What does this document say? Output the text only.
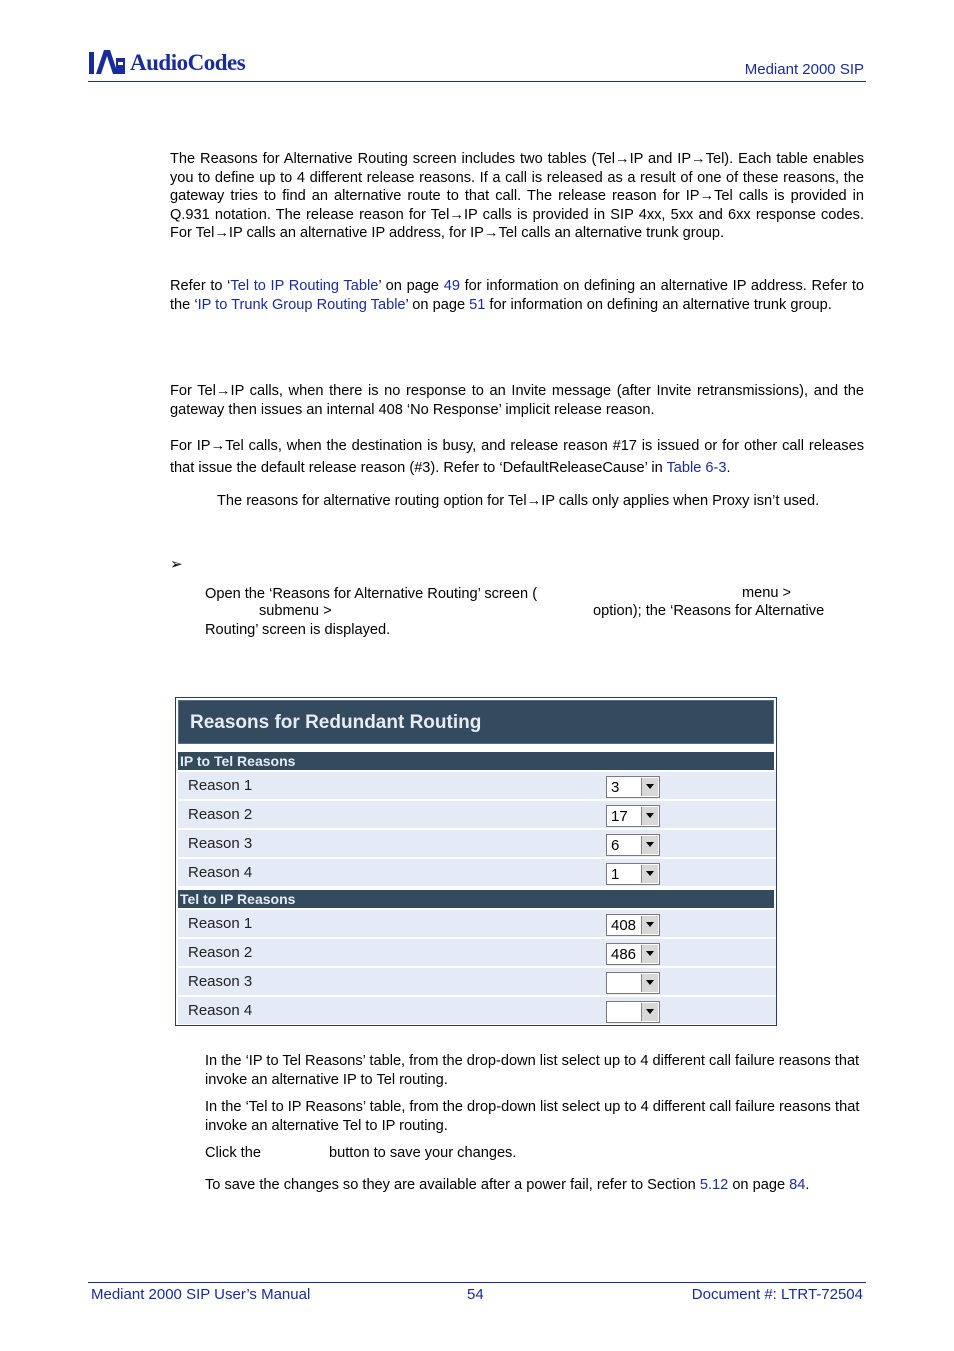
AudioCodes	Mediant 2000 SIP
The Reasons for Alternative Routing screen includes two tables (Tel→IP and IP→Tel). Each table enables you to define up to 4 different release reasons. If a call is released as a result of one of these reasons, the gateway tries to find an alternative route to that call. The release reason for IP→Tel calls is provided in Q.931 notation. The release reason for Tel→IP calls is provided in SIP 4xx, 5xx and 6xx response codes. For Tel→IP calls an alternative IP address, for IP→Tel calls an alternative trunk group.
Refer to ‘Tel to IP Routing Table’ on page 49 for information on defining an alternative IP address. Refer to the ‘IP to Trunk Group Routing Table’ on page 51 for information on defining an alternative trunk group.
For Tel→IP calls, when there is no response to an Invite message (after Invite retransmissions), and the gateway then issues an internal 408 ‘No Response’ implicit release reason.
For IP→Tel calls, when the destination is busy, and release reason #17 is issued or for other call releases that issue the default release reason (#3). Refer to ‘DefaultReleaseCause’ in Table 6-3.
The reasons for alternative routing option for Tel→IP calls only applies when Proxy isn’t used.
➢
Open the ‘Reasons for Alternative Routing’ screen (	menu >
submenu >	option); the ‘Reasons for Alternative
Routing’ screen is displayed.
Reasons for Redundant Routing
IP to Tel Reasons
Reason 1	3
Reason 2	17
Reason 3	6
Reason 4	1
Tel to IP Reasons
Reason 1	408
Reason 2	486
Reason 3
Reason 4
In the ‘IP to Tel Reasons’ table, from the drop-down list select up to 4 different call failure reasons that invoke an alternative IP to Tel routing.
In the ‘Tel to IP Reasons’ table, from the drop-down list select up to 4 different call failure reasons that invoke an alternative Tel to IP routing.
Click the	button to save your changes.
To save the changes so they are available after a power fail, refer to Section 5.12 on page 84.
Mediant 2000 SIP User’s Manual	54	Document #: LTRT-72504
